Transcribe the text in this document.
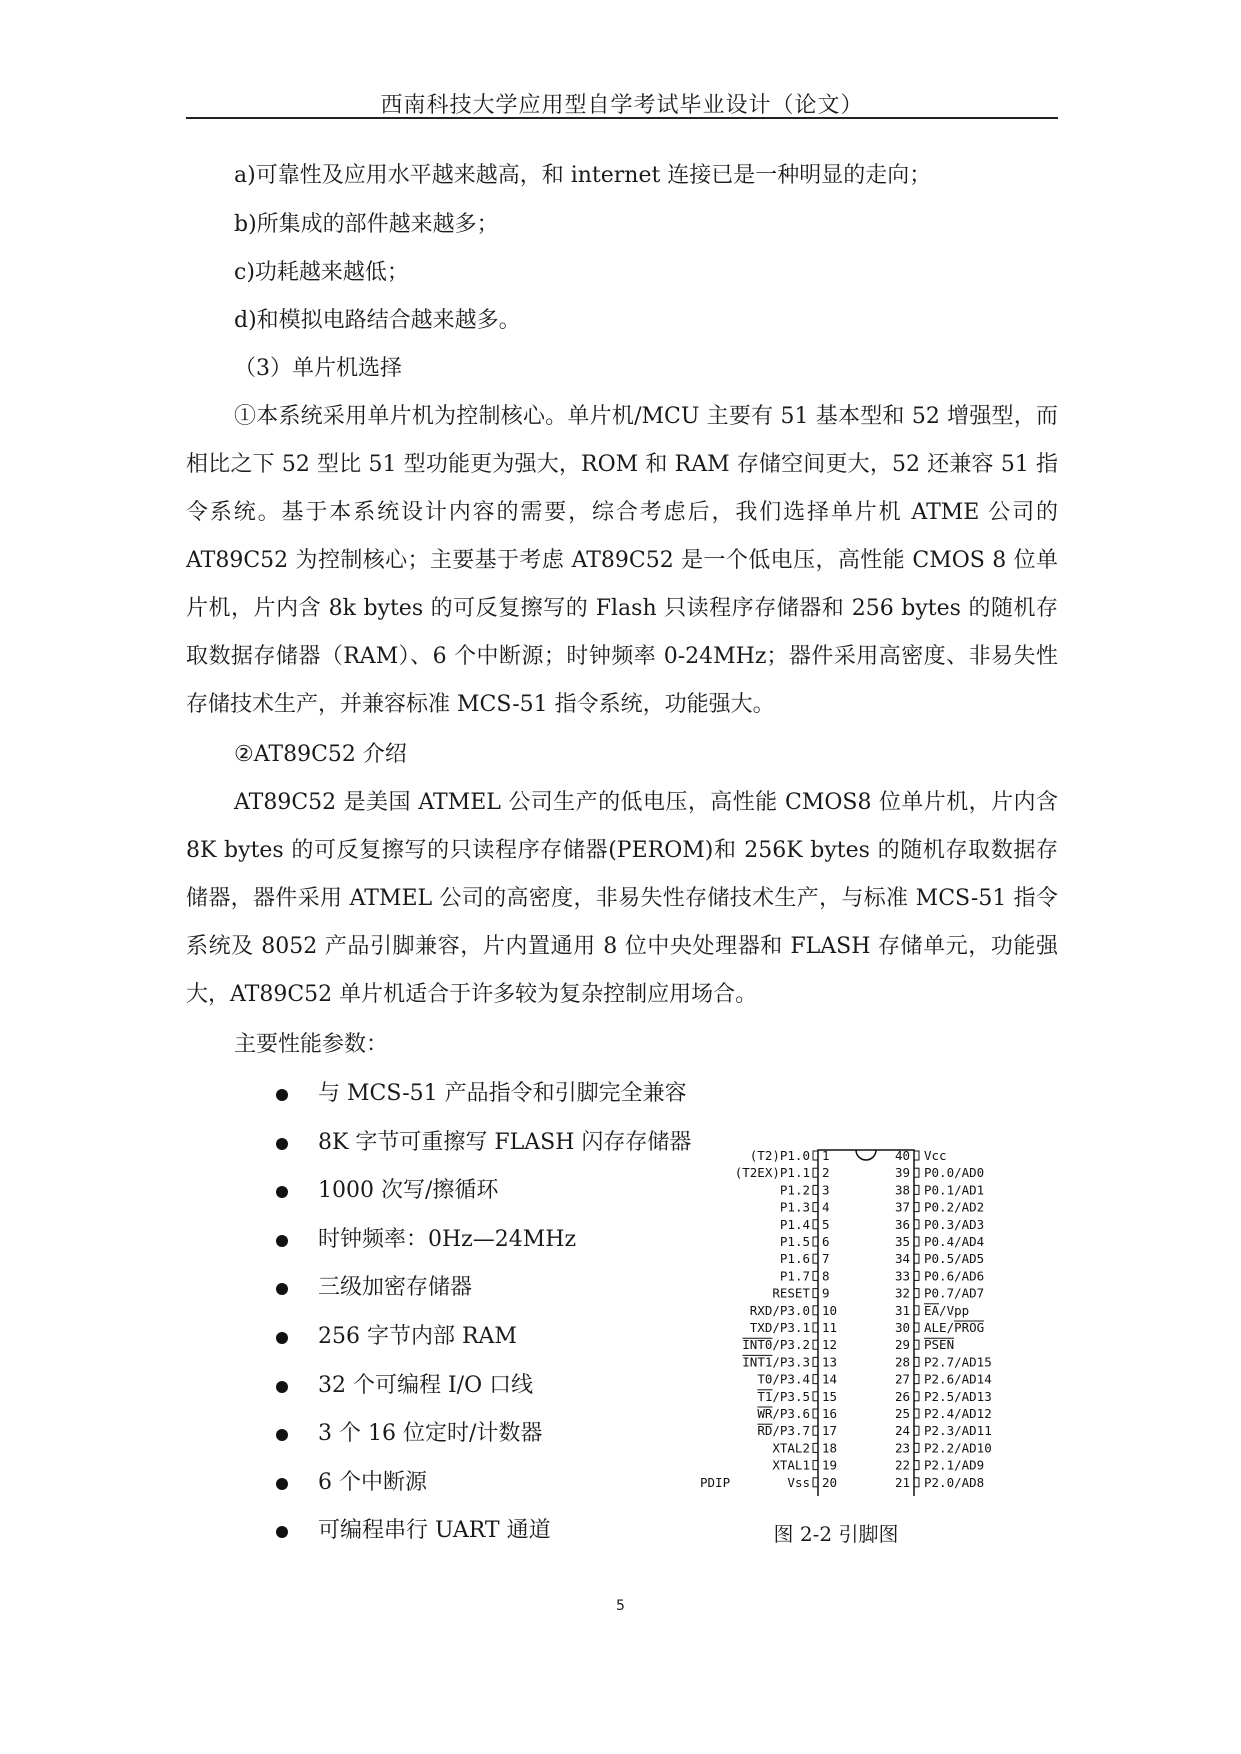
西南科技大学应用型自学考试毕业设计（论文）
a)可靠性及应用水平越来越高，和 internet 连接已是一种明显的走向；
b)所集成的部件越来越多；
c)功耗越来越低；
d)和模拟电路结合越来越多。
（3）单片机选择

①本系统采用单片机为控制核心。单片机/MCU 主要有 51 基本型和 52 增强型，而相比之下 52 型比 51 型功能更为强大，ROM 和 RAM 存储空间更大，52 还兼容 51 指令系统。基于本系统设计内容的需要，综合考虑后，我们选择单片机 ATME 公司的 AT89C52 为控制核心；主要基于考虑 AT89C52 是一个低电压，高性能 CMOS 8 位单片机，片内含 8k bytes 的可反复擦写的 Flash 只读程序存储器和 256 bytes 的随机存取数据存储器（RAM）、6 个中断源；时钟频率 0-24MHz；器件采用高密度、非易失性存储技术生产，并兼容标准 MCS-51 指令系统，功能强大。

②AT89C52 介绍

AT89C52 是美国 ATMEL 公司生产的低电压，高性能 CMOS8 位单片机，片内含 8K bytes 的可反复擦写的只读程序存储器(PEROM)和 256K bytes 的随机存取数据存储器，器件采用 ATMEL 公司的高密度，非易失性存储技术生产，与标准 MCS-51 指令系统及 8052 产品引脚兼容，片内置通用 8 位中央处理器和 FLASH 存储单元，功能强大，AT89C52 单片机适合于许多较为复杂控制应用场合。

主要性能参数：
与 MCS-51 产品指令和引脚完全兼容
8K 字节可重擦写 FLASH 闪存存储器
1000 次写/擦循环
时钟频率：0Hz—24MHz
三级加密存储器
256 字节内部 RAM
32 个可编程 I/O 口线
3 个 16 位定时/计数器
6 个中断源
可编程串行 UART 通道
1
(T2)P1.0
2
(T2EX)P1.1
3
P1.2
4
P1.3
5
P1.4
6
P1.5
7
P1.6
8
P1.7
9
RESET
10
RXD/P3.0
11
TXD/P3.1
12
INT0/P3.2
13
INT1/P3.3
14
T0/P3.4
15
T1/P3.5
16
WR/P3.6
17
RD/P3.7
18
XTAL2
19
XTAL1
20
Vss
40 Vcc
39 P0.0/AD0
38 P0.1/AD1
37 P0.2/AD2
36 P0.3/AD3
35 P0.4/AD4
34 P0.5/AD5
33 P0.6/AD6
32 P0.7/AD7
31 EA/Vpp
30 ALE/PROG
29 PSEN
28 P2.7/AD15
27 P2.6/AD14
26 P2.5/AD13
25 P2.4/AD12
24 P2.3/AD11
23 P2.2/AD10
22 P2.1/AD9
21 P2.0/AD8
PDIP
图 2-2 引脚图
5
